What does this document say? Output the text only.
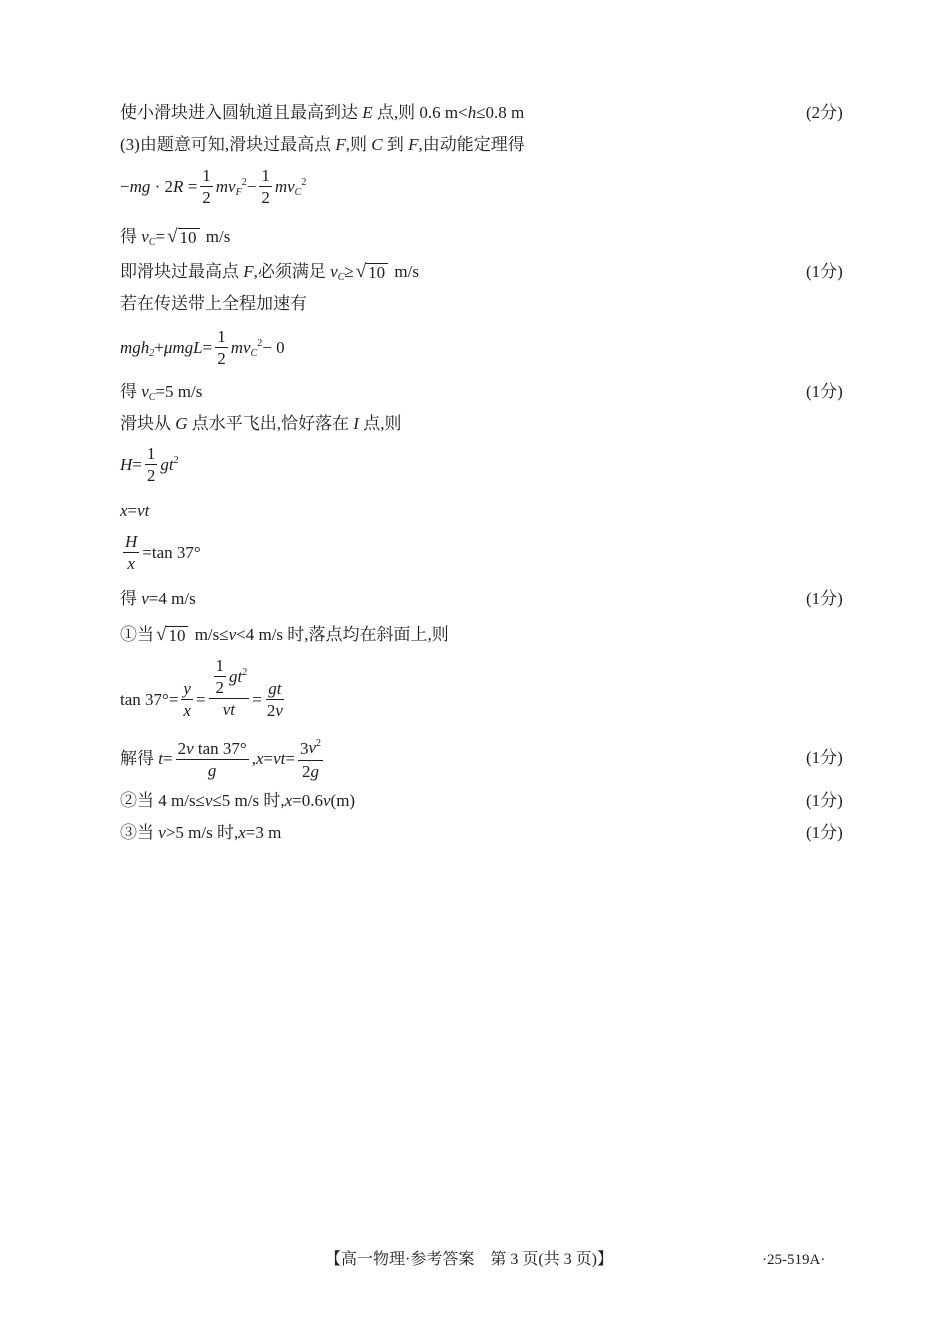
使小滑块进入圆轨道且最高到达 E 点,则 0.6 m< h ≤0.8 m	(2分)
(3)由题意可知,滑块过最高点 F ,则 C 到 F ,由动能定理得
− mg · 2 $R = \frac{1}{2} mv_F^2 - \frac{1}{2} mv_C^2$
得 $v_C$ = √ 10 m/s
即滑块过最高点 F ,必须满足 $v_C$ ≥ √ 10 m/s	(1分)
若在传送带上全程加速有
$mgh_2 + \mu mgL = \frac{1}{2} mv_C^2 - 0$
得 $v_C =5$ m/s	(1分)
滑块从 G 点水平飞出,恰好落在 I 点,则
$H = \frac{1}{2} gt^2$
x = vt
$\frac{H}{x} =\tan$ 37°
得 v =4 m/s	(1分)
①当 √ 10 m/s≤ v <4 m/s 时,落点均在斜面上,则
$\tan 37^\circ= \frac{y}{x} = \frac{\frac{1}{2} gt^2}{vt} = \frac{gt}{2 v}$
解得 $t = \frac{\text{2 v tan 37°}}{g}$ , x = vt = $\frac{3 v^2}{2 g}$	(1分)
②当 4 m/s≤ v ≤5 m/s 时, x =0.6 v (m)	(1分)
③当 v >5 m/s 时, x =3 m	(1分)
【高一物理·参考答案　第 3 页(共 3 页)】	·25-519A·
